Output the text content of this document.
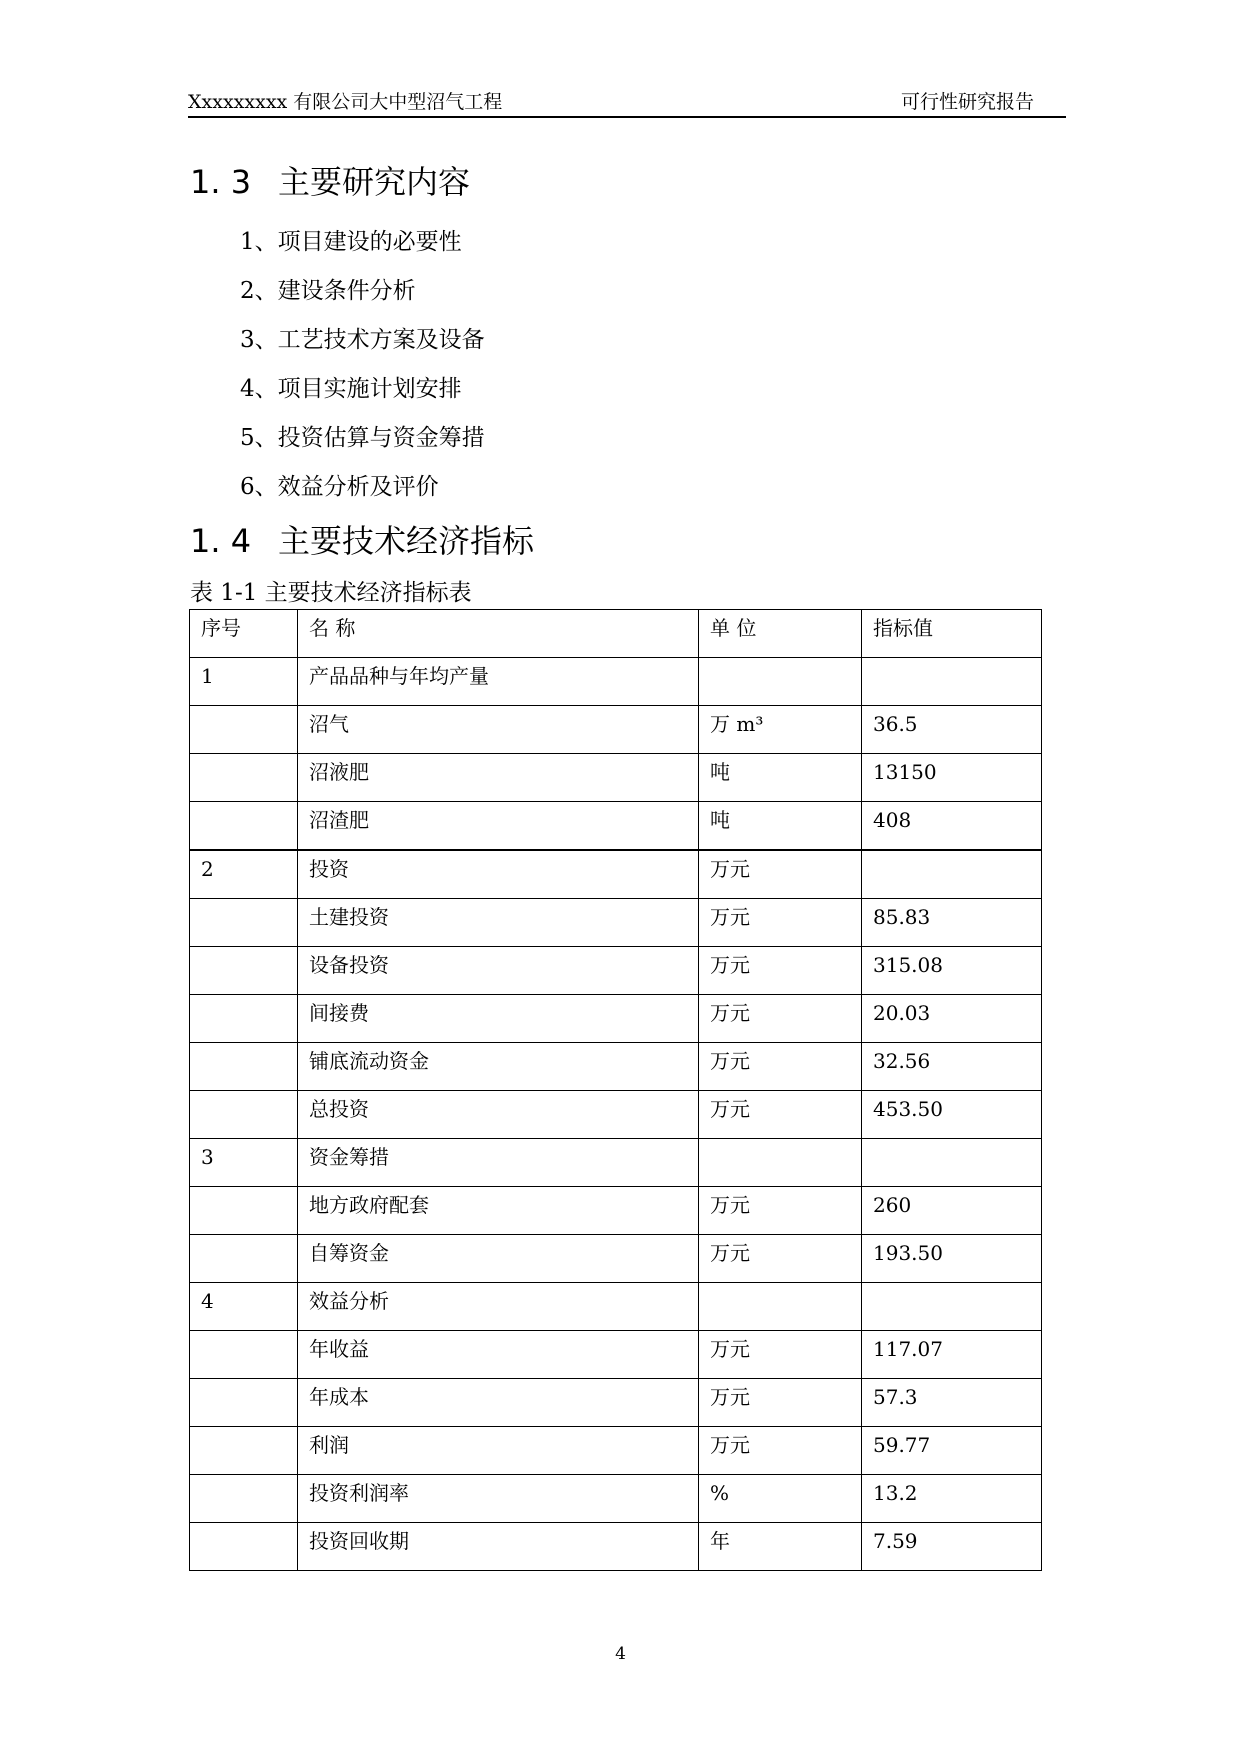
Xxxxxxxxx 有限公司大中型沼气工程	可行性研究报告
1. 3 主要研究内容
1、项目建设的必要性
2、建设条件分析
3、工艺技术方案及设备
4、项目实施计划安排
5、投资估算与资金筹措
6、效益分析及评价
1. 4 主要技术经济指标
表 1-1 主要技术经济指标表
序号	名 称	单 位	指标值
1	产品品种与年均产量		
	沼气	万 m³	36.5
	沼液肥	吨	13150
	沼渣肥	吨	408
2	投资	万元	
	土建投资	万元	85.83
	设备投资	万元	315.08
	间接费	万元	20.03
	铺底流动资金	万元	32.56
	总投资	万元	453.50
3	资金筹措		
	地方政府配套	万元	260
	自筹资金	万元	193.50
4	效益分析		
	年收益	万元	117.07
	年成本	万元	57.3
	利润	万元	59.77
	投资利润率	%	13.2
	投资回收期	年	7.59
4
